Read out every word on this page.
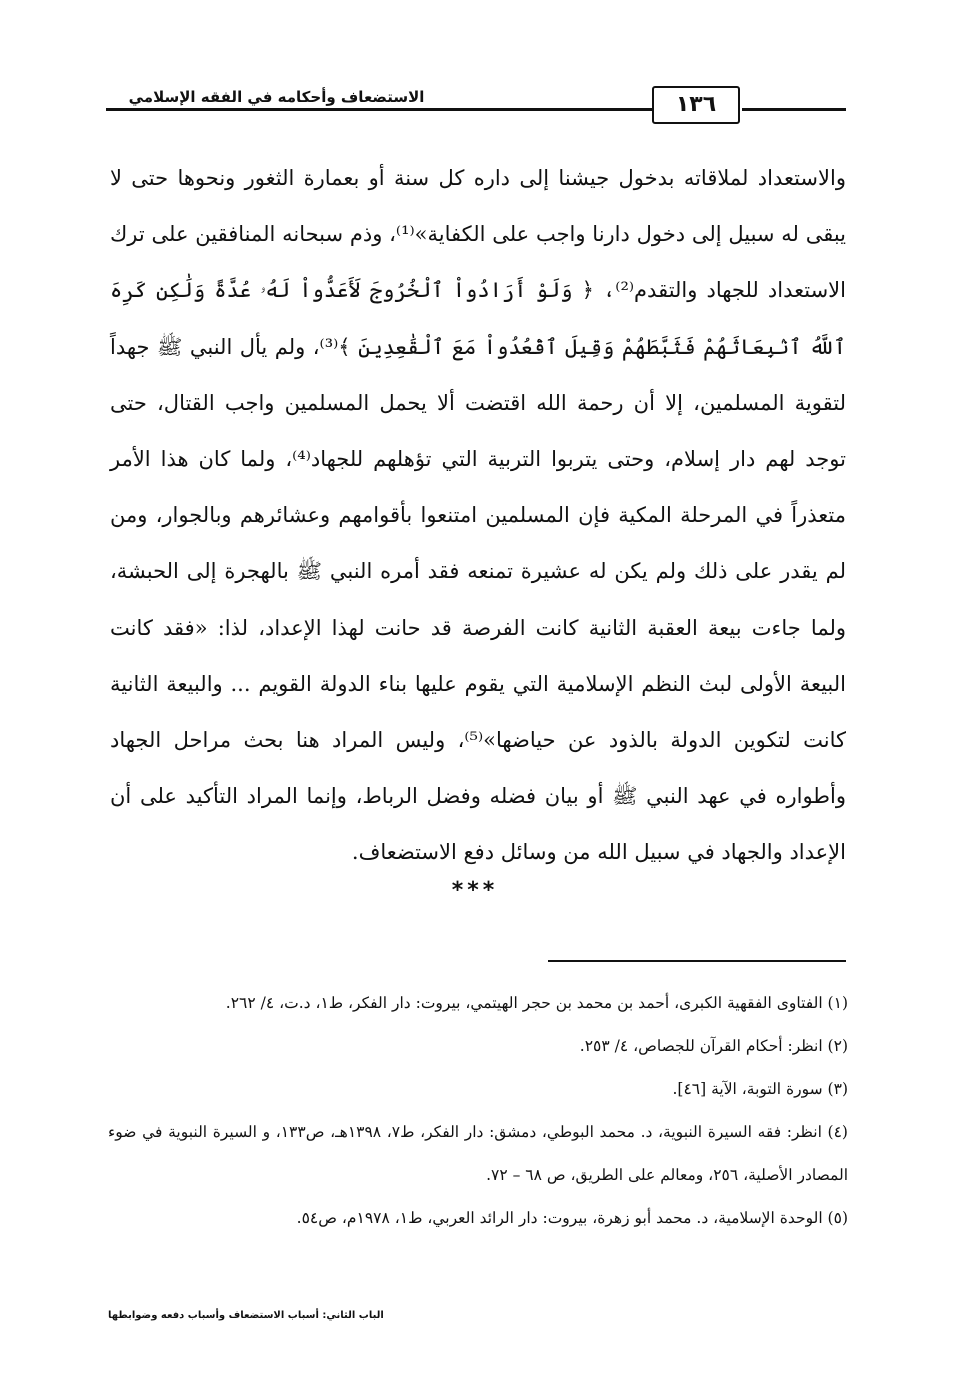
الاستضعاف وأحكامه في الفقه الإسلامي	١٣٦

والاستعداد لملاقاته بدخول جيشنا إلى داره كل سنة أو بعمارة الثغور ونحوها حتى لا يبقى له سبيل إلى دخول دارنا واجب على الكفاية»⁽¹⁾، وذم سبحانه المنافقين على ترك الاستعداد للجهاد والتقدم⁽²⁾، ﴿ وَلَوْ أَرَادُواْ ٱلْخُرُوجَ لَأَعَدُّواْ لَهُۥ عُدَّةً وَلَٰكِن كَرِهَ ٱللَّهُ ٱنۢبِعَاثَهُمْ فَثَبَّطَهُمْ وَقِيلَ ٱقْعُدُواْ مَعَ ٱلْقَٰعِدِينَ ﴾⁽³⁾، ولم يأل النبي ﷺ جهداً لتقوية المسلمين، إلا أن رحمة الله اقتضت ألا يحمل المسلمين واجب القتال، حتى توجد لهم دار إسلام، وحتى يتربوا التربية التي تؤهلهم للجهاد⁽⁴⁾، ولما كان هذا الأمر متعذراً في المرحلة المكية فإن المسلمين امتنعوا بأقوامهم وعشائرهم وبالجوار، ومن لم يقدر على ذلك ولم يكن له عشيرة تمنعه فقد أمره النبي ﷺ بالهجرة إلى الحبشة، ولما جاءت بيعة العقبة الثانية كانت الفرصة قد حانت لهذا الإعداد، لذا: «فقد كانت البيعة الأولى لبث النظم الإسلامية التي يقوم عليها بناء الدولة القويم ... والبيعة الثانية كانت لتكوين الدولة بالذود عن حياضها»⁽⁵⁾، وليس المراد هنا بحث مراحل الجهاد وأطواره في عهد النبي ﷺ أو بيان فضله وفضل الرباط، وإنما المراد التأكيد على أن الإعداد والجهاد في سبيل الله من وسائل دفع الاستضعاف.

***

(١) الفتاوى الفقهية الكبرى، أحمد بن محمد بن حجر الهيتمي، بيروت: دار الفكر، ط١، د.ت، ٤/ ٢٦٢.

(٢) انظر: أحكام القرآن للجصاص، ٤/ ٢٥٣.

(٣) سورة التوبة، الآية [٤٦].

(٤) انظر: فقه السيرة النبوية، د. محمد البوطي، دمشق: دار الفكر، ط٧، ١٣٩٨هـ، ص١٣٣، و السيرة النبوية في ضوء المصادر الأصلية، ٢٥٦، ومعالم على الطريق، ص ٦٨ – ٧٢.

(٥) الوحدة الإسلامية، د. محمد أبو زهرة، بيروت: دار الرائد العربي، ط١، ١٩٧٨م، ص٥٤.

الباب الثاني: أسباب الاستضعاف وأسباب دفعه وضوابطها
